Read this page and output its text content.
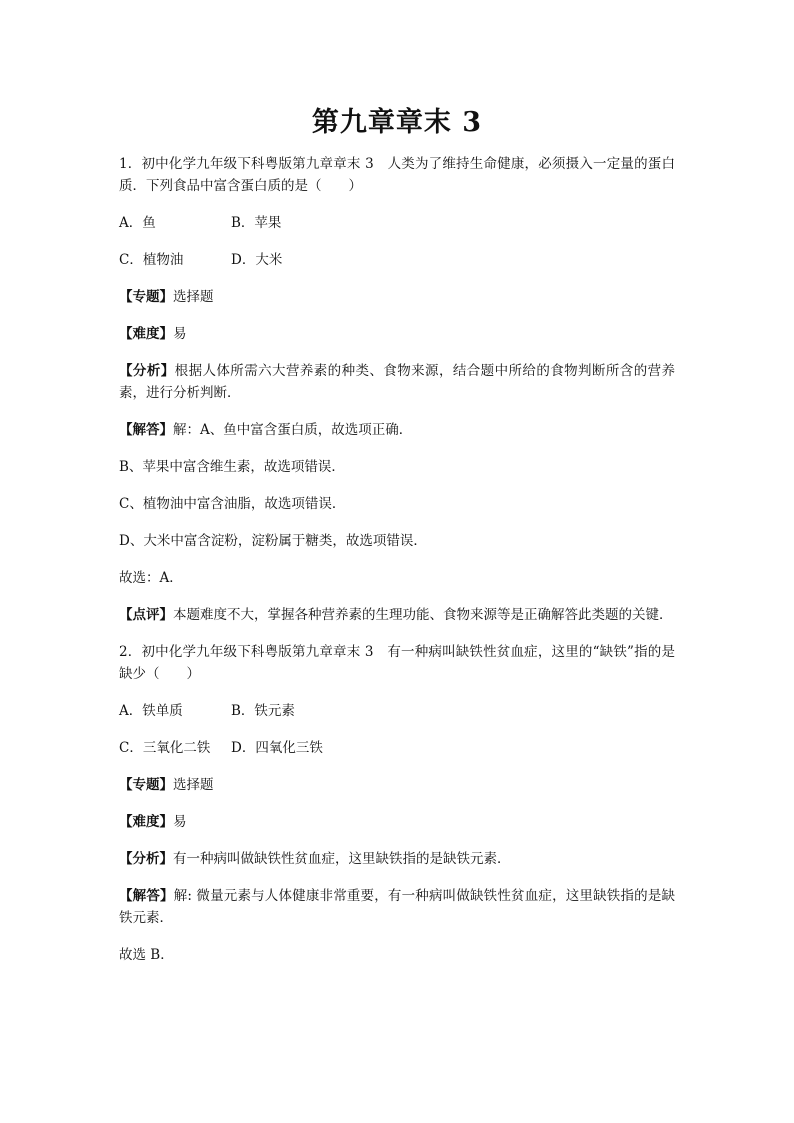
第九章章末 3

1．初中化学九年级下科粤版第九章章末 3　人类为了维持生命健康，必须摄入一定量的蛋白质．下列食品中富含蛋白质的是（　　）

A．鱼	B．苹果

C．植物油	D．大米

【专题】选择题

【难度】易

【分析】根据人体所需六大营养素的种类、食物来源，结合题中所给的食物判断所含的营养素，进行分析判断．

【解答】解：A、鱼中富含蛋白质，故选项正确．

B、苹果中富含维生素，故选项错误．

C、植物油中富含油脂，故选项错误．

D、大米中富含淀粉，淀粉属于糖类，故选项错误．

故选：A．

【点评】本题难度不大，掌握各种营养素的生理功能、食物来源等是正确解答此类题的关键．

2．初中化学九年级下科粤版第九章章末 3　有一种病叫缺铁性贫血症，这里的“缺铁”指的是缺少（　　）

A．铁单质	B．铁元素

C．三氧化二铁 D．四氧化三铁

【专题】选择题

【难度】易

【分析】有一种病叫做缺铁性贫血症，这里缺铁指的是缺铁元素．

【解答】解: 微量元素与人体健康非常重要，有一种病叫做缺铁性贫血症，这里缺铁指的是缺铁元素．

故选 B．
